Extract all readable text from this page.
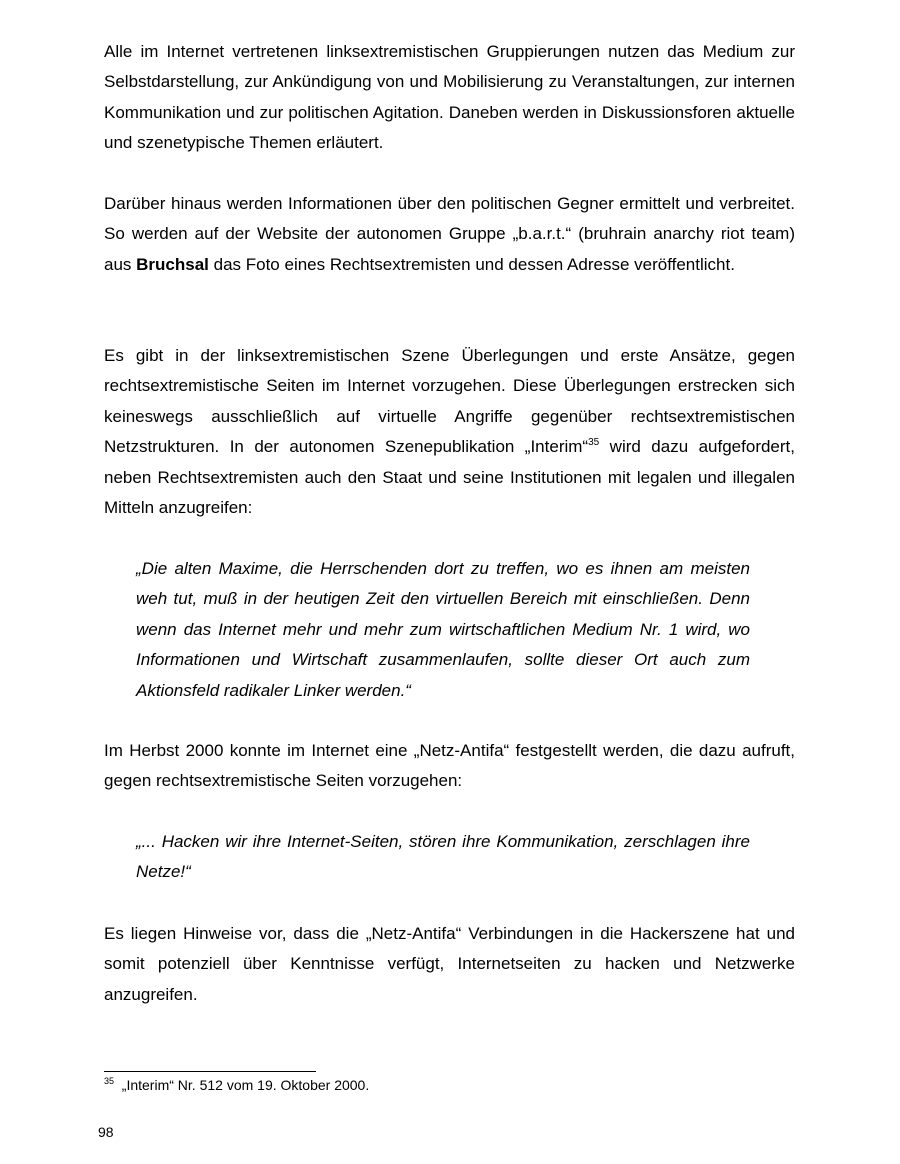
Alle im Internet vertretenen linksextremistischen Gruppierungen nutzen das Medium zur Selbstdarstellung, zur Ankündigung von und Mobilisierung zu Veranstaltungen, zur internen Kommunikation und zur politischen Agitation. Daneben werden in Diskussionsforen aktuelle und szenetypische Themen erläutert.

Darüber hinaus werden Informationen über den politischen Gegner ermittelt und verbreitet. So werden auf der Website der autonomen Gruppe „b.a.r.t.“ (bruhrain anarchy riot team) aus Bruchsal das Foto eines Rechtsextremisten und dessen Adresse veröffentlicht.

Es gibt in der linksextremistischen Szene Überlegungen und erste Ansätze, gegen rechtsextremistische Seiten im Internet vorzugehen. Diese Überlegungen erstrecken sich keineswegs ausschließlich auf virtuelle Angriffe gegenüber rechtsextremistischen Netzstrukturen. In der autonomen Szenepublikation „Interim“$^{35}$ wird dazu aufgefordert, neben Rechtsextremisten auch den Staat und seine Institutionen mit legalen und illegalen Mitteln anzugreifen:

„Die alten Maxime, die Herrschenden dort zu treffen, wo es ihnen am meisten weh tut, muß in der heutigen Zeit den virtuellen Bereich mit einschließen. Denn wenn das Internet mehr und mehr zum wirtschaftlichen Medium Nr. 1 wird, wo Informationen und Wirtschaft zusammenlaufen, sollte dieser Ort auch zum Aktionsfeld radikaler Linker werden.“

Im Herbst 2000 konnte im Internet eine „Netz-Antifa“ festgestellt werden, die dazu aufruft, gegen rechtsextremistische Seiten vorzugehen:

„... Hacken wir ihre Internet-Seiten, stören ihre Kommunikation, zerschlagen ihre Netze!“

Es liegen Hinweise vor, dass die „Netz-Antifa“ Verbindungen in die Hackerszene hat und somit potenziell über Kenntnisse verfügt, Internetseiten zu hacken und Netzwerke anzugreifen.

$^{35}$ „Interim“ Nr. 512 vom 19. Oktober 2000.
98
